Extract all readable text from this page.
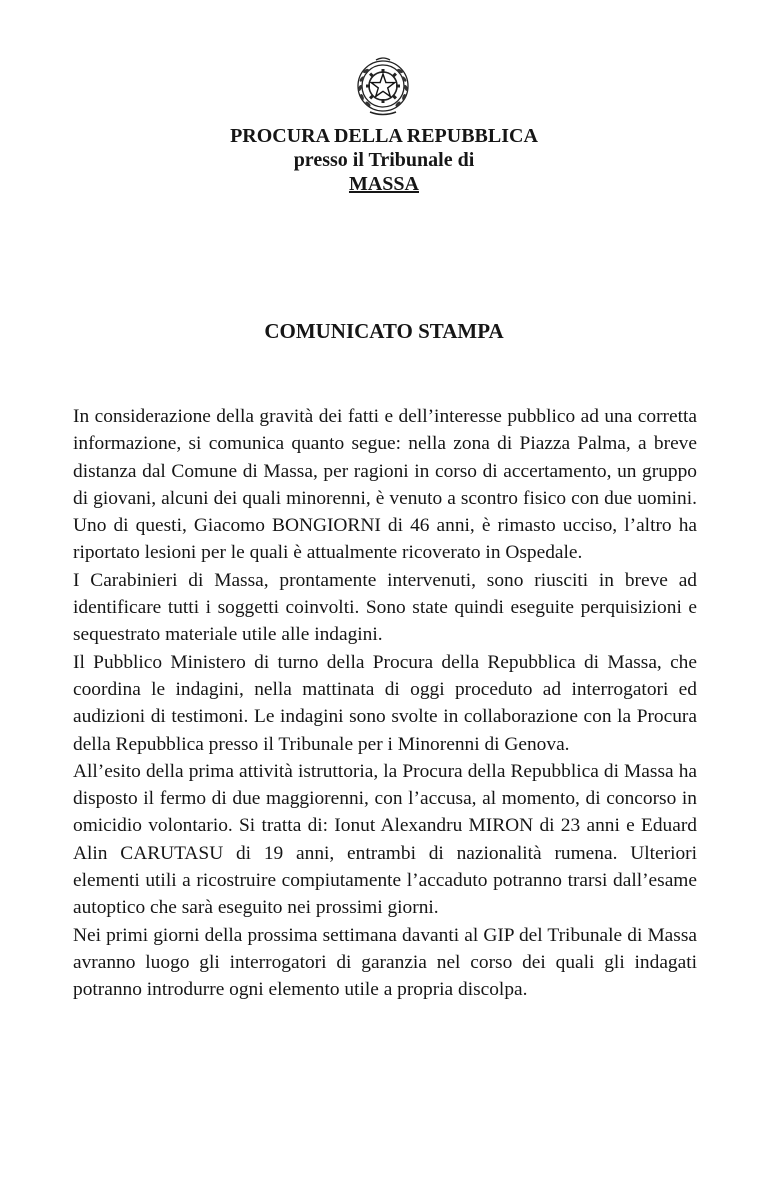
PROCURA DELLA REPUBBLICA
presso il Tribunale di
MASSA
COMUNICATO STAMPA

In considerazione della gravità dei fatti e dell’interesse pubblico ad una corretta informazione, si comunica quanto segue: nella zona di Piazza Palma, a breve distanza dal Comune di Massa, per ragioni in corso di accertamento, un gruppo di giovani, alcuni dei quali minorenni, è venuto a scontro fisico con due uomini. Uno di questi, Giacomo BONGIORNI di 46 anni, è rimasto ucciso, l’altro ha riportato lesioni per le quali è attualmente ricoverato in Ospedale.

I Carabinieri di Massa, prontamente intervenuti, sono riusciti in breve ad identificare tutti i soggetti coinvolti. Sono state quindi eseguite perquisizioni e sequestrato materiale utile alle indagini.

Il Pubblico Ministero di turno della Procura della Repubblica di Massa, che coordina le indagini, nella mattinata di oggi proceduto ad interrogatori ed audizioni di testimoni. Le indagini sono svolte in collaborazione con la Procura della Repubblica presso il Tribunale per i Minorenni di Genova.

All’esito della prima attività istruttoria, la Procura della Repubblica di Massa ha disposto il fermo di due maggiorenni, con l’accusa, al momento, di concorso in omicidio volontario. Si tratta di: Ionut Alexandru MIRON di 23 anni e Eduard Alin CARUTASU di 19 anni, entrambi di nazionalità rumena. Ulteriori elementi utili a ricostruire compiutamente l’accaduto potranno trarsi dall’esame autoptico che sarà eseguito nei prossimi giorni.

Nei primi giorni della prossima settimana davanti al GIP del Tribunale di Massa avranno luogo gli interrogatori di garanzia nel corso dei quali gli indagati potranno introdurre ogni elemento utile a propria discolpa.
